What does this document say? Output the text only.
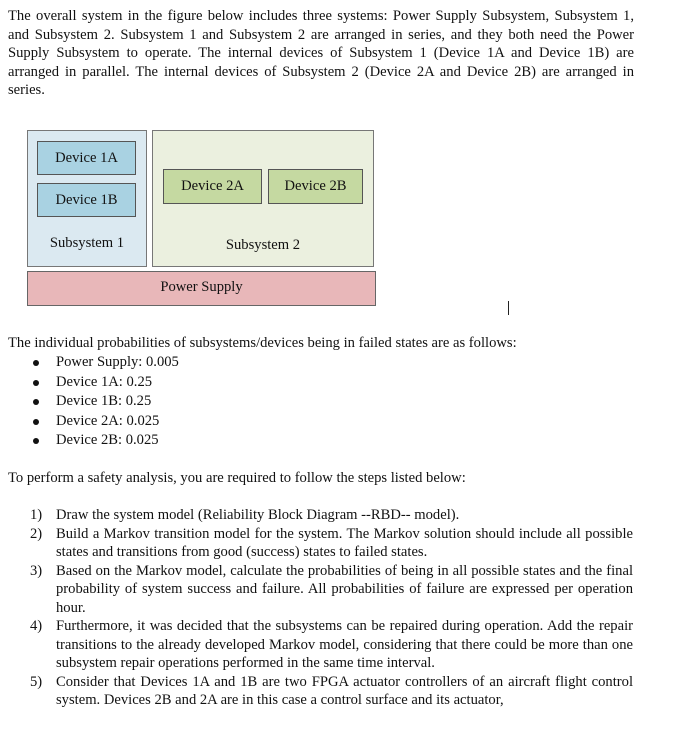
The overall system in the figure below includes three systems: Power Supply Subsystem, Subsystem 1, and Subsystem 2. Subsystem 1 and Subsystem 2 are arranged in series, and they both need the Power Supply Subsystem to operate. The internal devices of Subsystem 1 (Device 1A and Device 1B) are arranged in parallel. The internal devices of Subsystem 2 (Device 2A and Device 2B) are arranged in series.

Subsystem 1
Device 1A
Device 1B
Subsystem 2
Device 2A	Device 2B
Power Supply

The individual probabilities of subsystems/devices being in failed states are as follows:

Power Supply: 0.005
Device 1A: 0.25
Device 1B: 0.25
Device 2A: 0.025
Device 2B: 0.025

To perform a safety analysis, you are required to follow the steps listed below:

1) Draw the system model (Reliability Block Diagram --RBD-- model).
2) Build a Markov transition model for the system. The Markov solution should include all possible states and transitions from good (success) states to failed states.
3) Based on the Markov model, calculate the probabilities of being in all possible states and the final probability of system success and failure. All probabilities of failure are expressed per operation hour.
4) Furthermore, it was decided that the subsystems can be repaired during operation. Add the repair transitions to the already developed Markov model, considering that there could be more than one subsystem repair operations performed in the same time interval.
5) Consider that Devices 1A and 1B are two FPGA actuator controllers of an aircraft flight control system. Devices 2B and 2A are in this case a control surface and its actuator,
